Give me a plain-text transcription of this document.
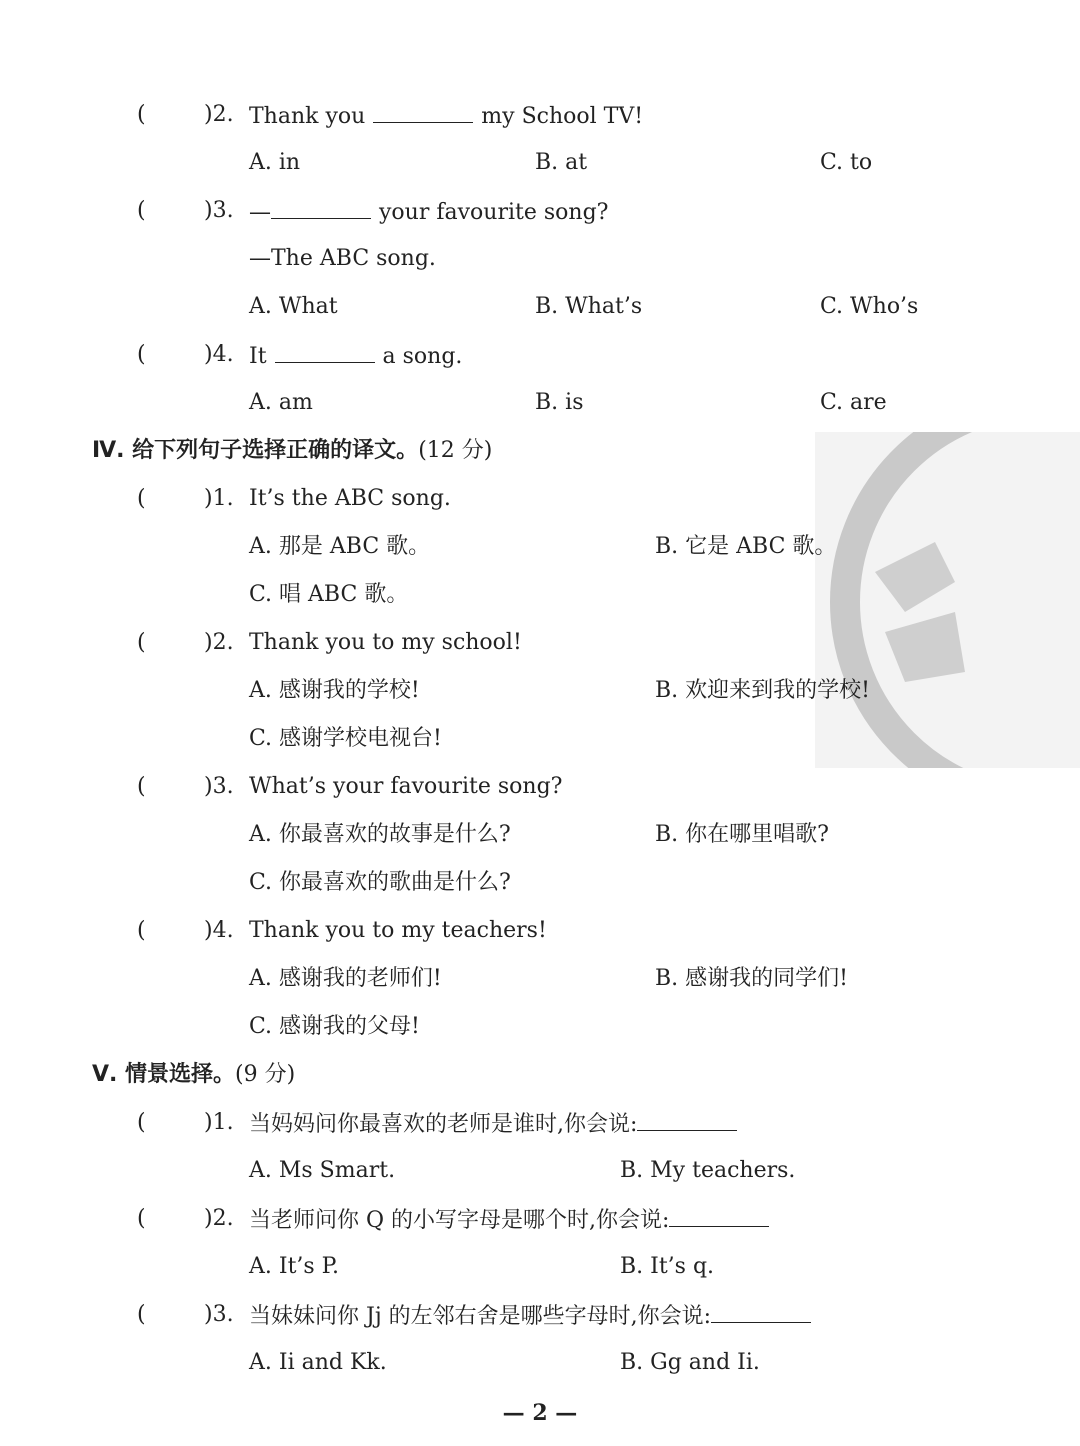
(	)2. Thank you	my School TV!
A. in	B. at	C. to
(	)3. —	your favourite song?
—The ABC song.
A. What	B. What’s	C. Who’s
(	)4. It	a song.
A. am	B. is	C. are
Ⅳ. 给下列句子选择正确的译文。(12 分)
(	)1. It’s the ABC song.
A. 那是 ABC 歌。	B. 它是 ABC 歌。
C. 唱 ABC 歌。
(	)2. Thank you to my school!
A. 感谢我的学校!	B. 欢迎来到我的学校!
C. 感谢学校电视台!
(	)3. What’s your favourite song?
A. 你最喜欢的故事是什么?	B. 你在哪里唱歌?
C. 你最喜欢的歌曲是什么?
(	)4. Thank you to my teachers!
A. 感谢我的老师们!	B. 感谢我的同学们!
C. 感谢我的父母!
Ⅴ. 情景选择。(9 分)
(	)1. 当妈妈问你最喜欢的老师是谁时,你会说:
A. Ms Smart.	B. My teachers.
(	)2. 当老师问你 Q 的小写字母是哪个时,你会说:
A. It’s P.	B. It’s q.
(	)3. 当妹妹问你 Jj 的左邻右舍是哪些字母时,你会说:
A. Ii and Kk.	B. Gg and Ii.
— 2 —
